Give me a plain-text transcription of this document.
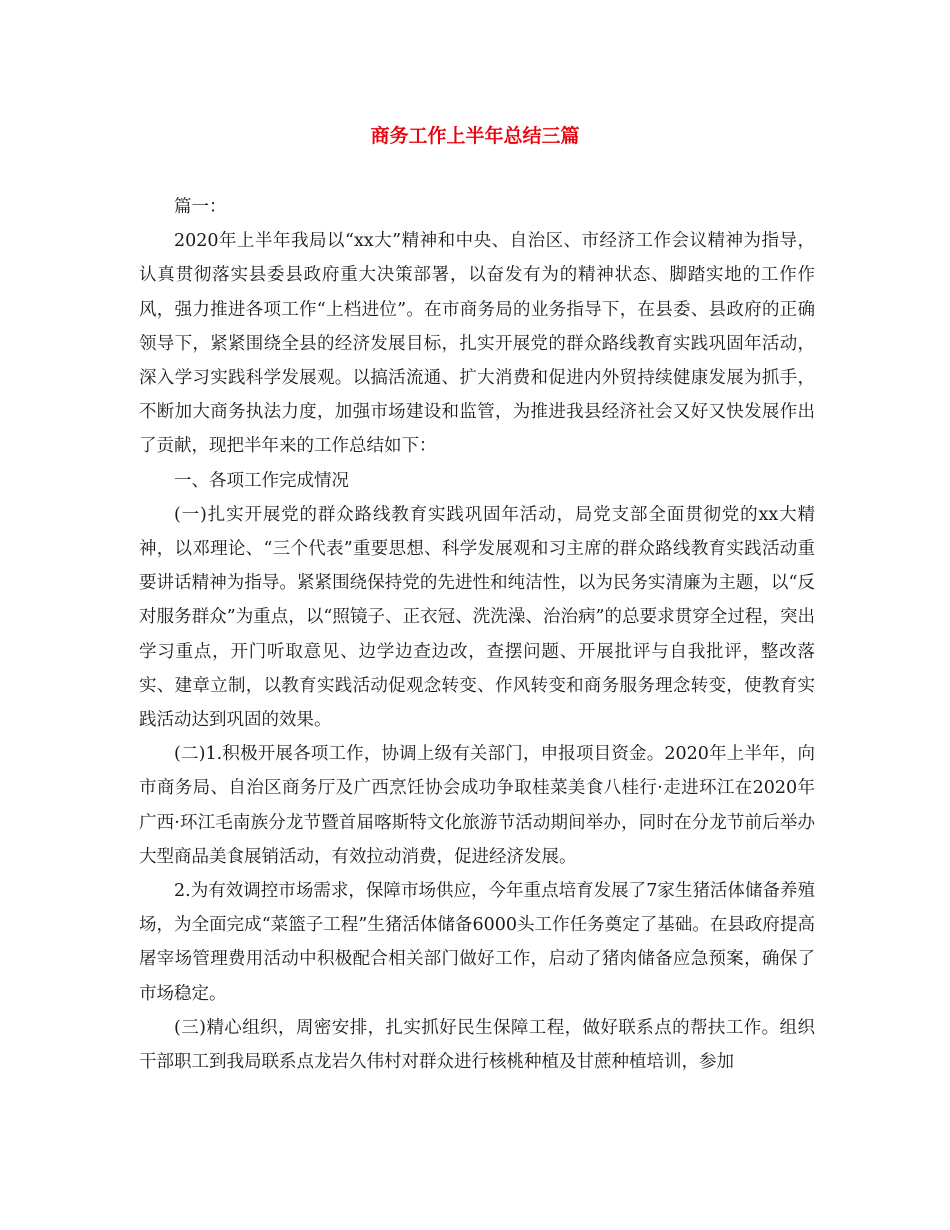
商务工作上半年总结三篇

篇一：

2020年上半年我局以“xx大”精神和中央、自治区、市经济工作会议精神为指导，认真贯彻落实县委县政府重大决策部署，以奋发有为的精神状态、脚踏实地的工作作风，强力推进各项工作“上档进位”。在市商务局的业务指导下，在县委、县政府的正确领导下，紧紧围绕全县的经济发展目标，扎实开展党的群众路线教育实践巩固年活动，深入学习实践科学发展观。以搞活流通、扩大消费和促进内外贸持续健康发展为抓手，不断加大商务执法力度，加强市场建设和监管，为推进我县经济社会又好又快发展作出了贡献，现把半年来的工作总结如下：

一、各项工作完成情况

(一)扎实开展党的群众路线教育实践巩固年活动，局党支部全面贯彻党的xx大精神，以邓理论、“三个代表”重要思想、科学发展观和习主席的群众路线教育实践活动重要讲话精神为指导。紧紧围绕保持党的先进性和纯洁性，以为民务实清廉为主题，以“反对服务群众”为重点，以“照镜子、正衣冠、洗洗澡、治治病”的总要求贯穿全过程，突出学习重点，开门听取意见、边学边查边改，查摆问题、开展批评与自我批评，整改落实、建章立制，以教育实践活动促观念转变、作风转变和商务服务理念转变，使教育实践活动达到巩固的效果。

(二)1.积极开展各项工作，协调上级有关部门，申报项目资金。2020年上半年，向市商务局、自治区商务厅及广西烹饪协会成功争取桂菜美食八桂行·走进环江在2020年广西·环江毛南族分龙节暨首届喀斯特文化旅游节活动期间举办，同时在分龙节前后举办大型商品美食展销活动，有效拉动消费，促进经济发展。

2.为有效调控市场需求，保障市场供应，今年重点培育发展了7家生猪活体储备养殖场，为全面完成“菜篮子工程”生猪活体储备6000头工作任务奠定了基础。在县政府提高屠宰场管理费用活动中积极配合相关部门做好工作，启动了猪肉储备应急预案，确保了市场稳定。

(三)精心组织，周密安排，扎实抓好民生保障工程，做好联系点的帮扶工作。组织干部职工到我局联系点龙岩久伟村对群众进行核桃种植及甘蔗种植培训，参加
